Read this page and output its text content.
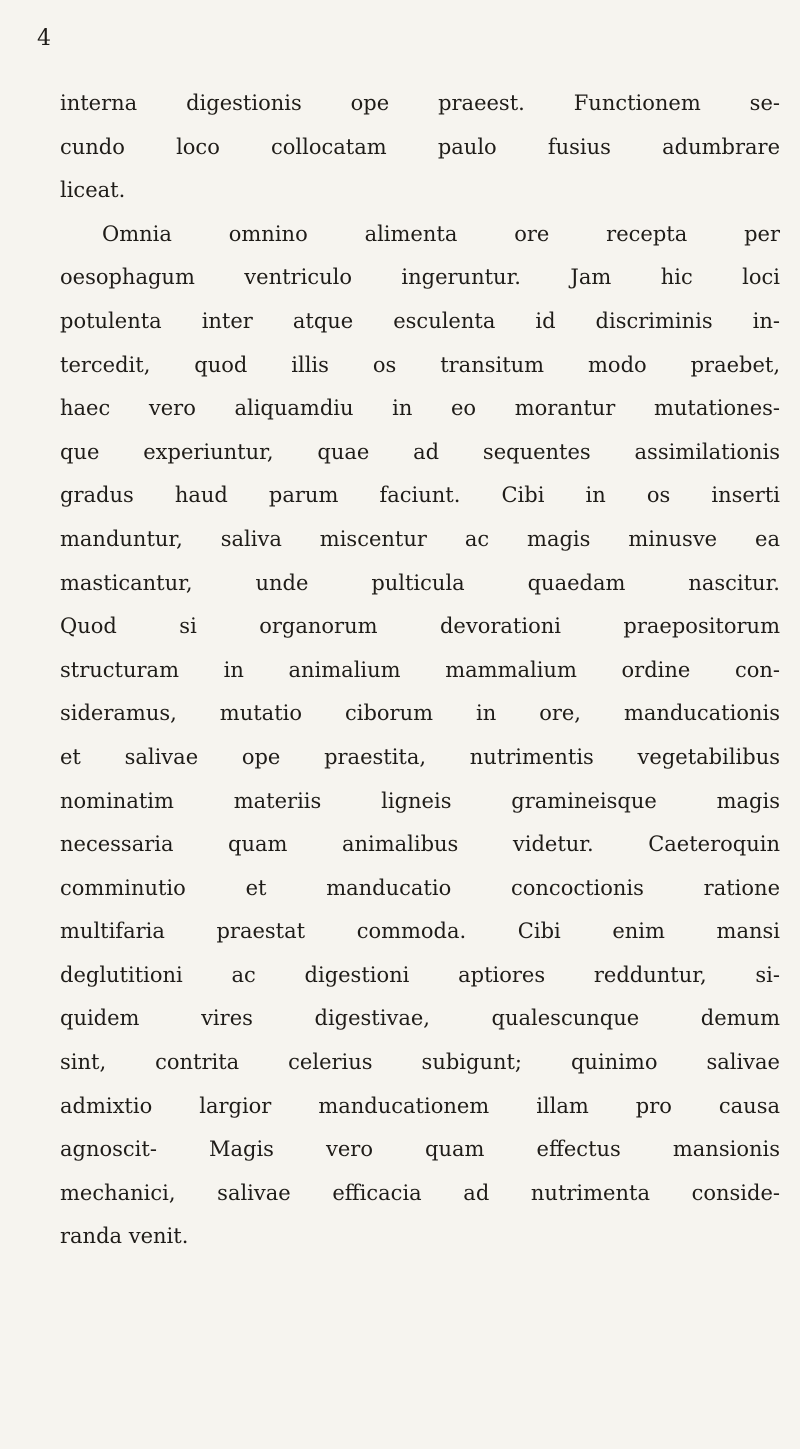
4
interna digestionis ope praeest. Functionem se-
cundo loco collocatam paulo fusius adumbrare
liceat.
Omnia omnino alimenta ore recepta per
oesophagum ventriculo ingeruntur. Jam hic loci
potulenta inter atque esculenta id discriminis in-
tercedit, quod illis os transitum modo praebet,
haec vero aliquamdiu in eo morantur mutationes-
que experiuntur, quae ad sequentes assimilationis
gradus haud parum faciunt. Cibi in os inserti
manduntur, saliva miscentur ac magis minusve ea
masticantur, unde pulticula quaedam nascitur.
Quod si organorum devorationi praepositorum
structuram in animalium mammalium ordine con-
sideramus, mutatio ciborum in ore, manducationis
et salivae ope praestita, nutrimentis vegetabilibus
nominatim materiis ligneis gramineisque magis
necessaria quam animalibus videtur. Caeteroquin
comminutio et manducatio concoctionis ratione
multifaria praestat commoda. Cibi enim mansi
deglutitioni ac digestioni aptiores redduntur, si-
quidem vires digestivae, qualescunque demum
sint, contrita celerius subigunt; quinimo salivae
admixtio largior manducationem illam pro causa
agnoscit- Magis vero quam effectus mansionis
mechanici, salivae efficacia ad nutrimenta conside-
randa venit.
